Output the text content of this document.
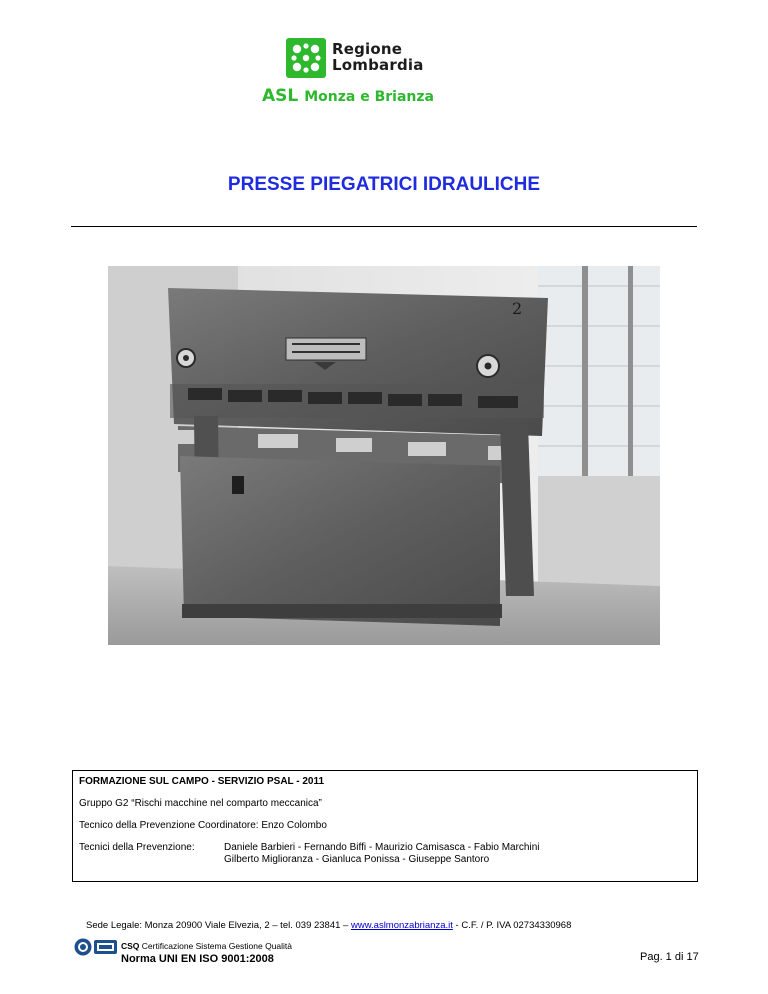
Regione
Lombardia
ASL Monza e Brianza
PRESSE PIEGATRICI IDRAULICHE
2
FORMAZIONE SUL CAMPO - SERVIZIO PSAL - 2011
Gruppo G2 “Rischi macchine nel comparto meccanica”
Tecnico della Prevenzione Coordinatore: Enzo Colombo
Tecnici della Prevenzione:	Daniele Barbieri - Fernando Biffi - Maurizio Camisasca - Fabio Marchini
Gilberto Miglioranza - Gianluca Ponissa - Giuseppe Santoro
Sede Legale: Monza 20900 Viale Elvezia, 2 – tel. 039 23841 – www.aslmonzabrianza.it - C.F. / P. IVA 02734330968
CSQ Certificazione Sistema Gestione Qualità
Norma UNI EN ISO 9001:2008	Pag. 1 di 17
